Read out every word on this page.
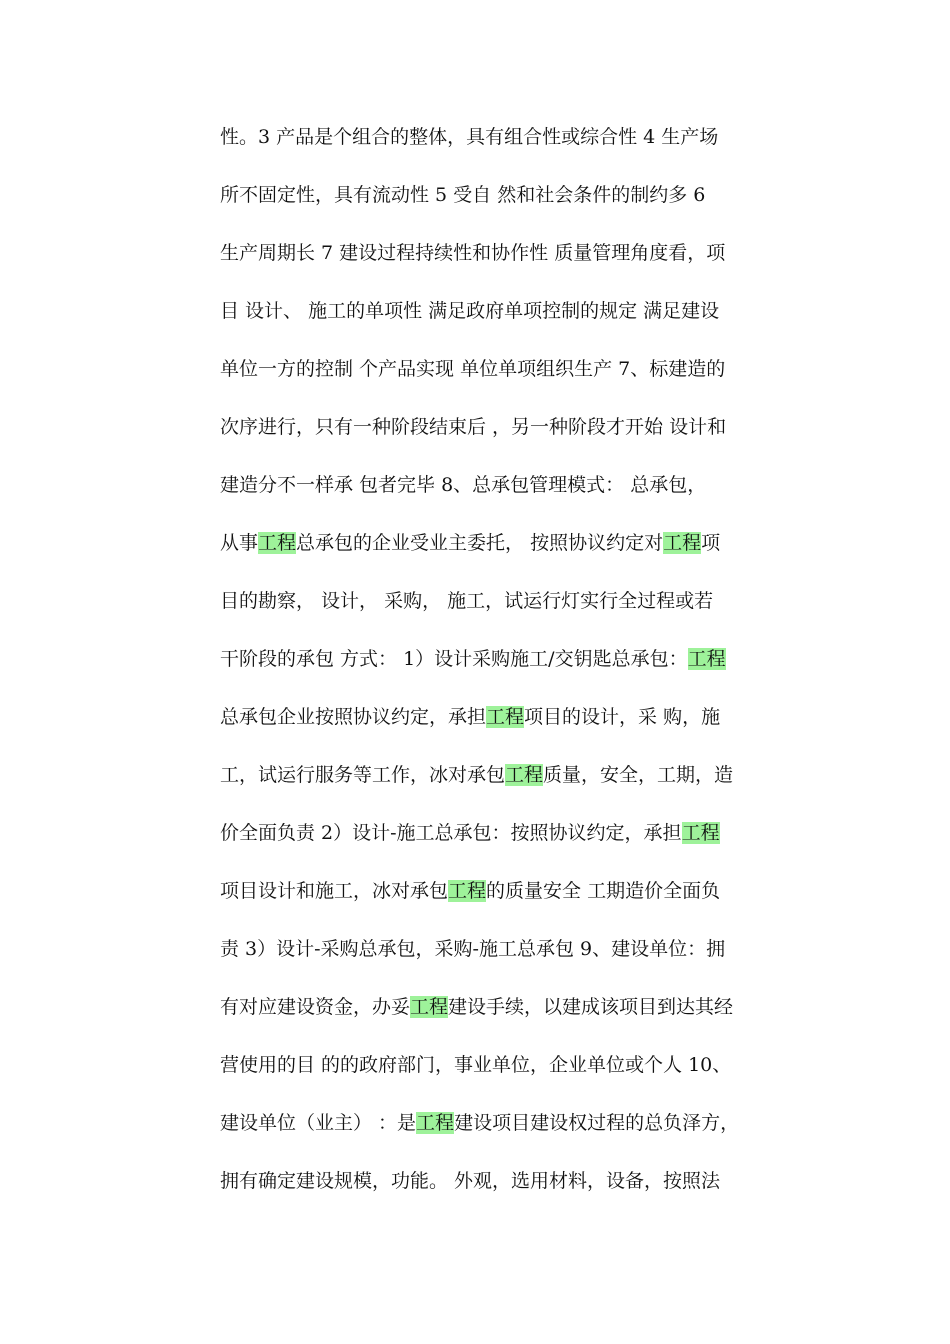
性。3 产品是个组合的整体，具有组合性或综合性 4 生产场
所不固定性，具有流动性 5 受自 然和社会条件的制约多 6
生产周期长 7 建设过程持续性和协作性 质量管理角度看，项
目 设计、 施工的单项性 满足政府单项控制的规定 满足建设
单位一方的控制 个产品实现 单位单项组织生产 7、标建造的
次序进行，只有一种阶段结束后 ，另一种阶段才开始 设计和
建造分不一样承 包者完毕 8、总承包管理模式： 总承包，
从事工程总承包的企业受业主委托， 按照协议约定对工程项
目的勘察， 设计， 采购， 施工，试运行灯实行全过程或若
干阶段的承包 方式： 1）设计采购施工/交钥匙总承包：工程
总承包企业按照协议约定，承担工程项目的设计，采 购，施
工，试运行服务等工作，冰对承包工程质量，安全，工期，造
价全面负责 2）设计-施工总承包：按照协议约定，承担工程
项目设计和施工，冰对承包工程的质量安全 工期造价全面负
责 3）设计-采购总承包，采购-施工总承包 9、建设单位：拥
有对应建设资金，办妥工程建设手续，以建成该项目到达其经
营使用的目 的的政府部门，事业单位，企业单位或个人 10、
建设单位（业主） ：是工程建设项目建设权过程的总负泽方，
拥有确定建设规模，功能。 外观，选用材料，设备，按照法
